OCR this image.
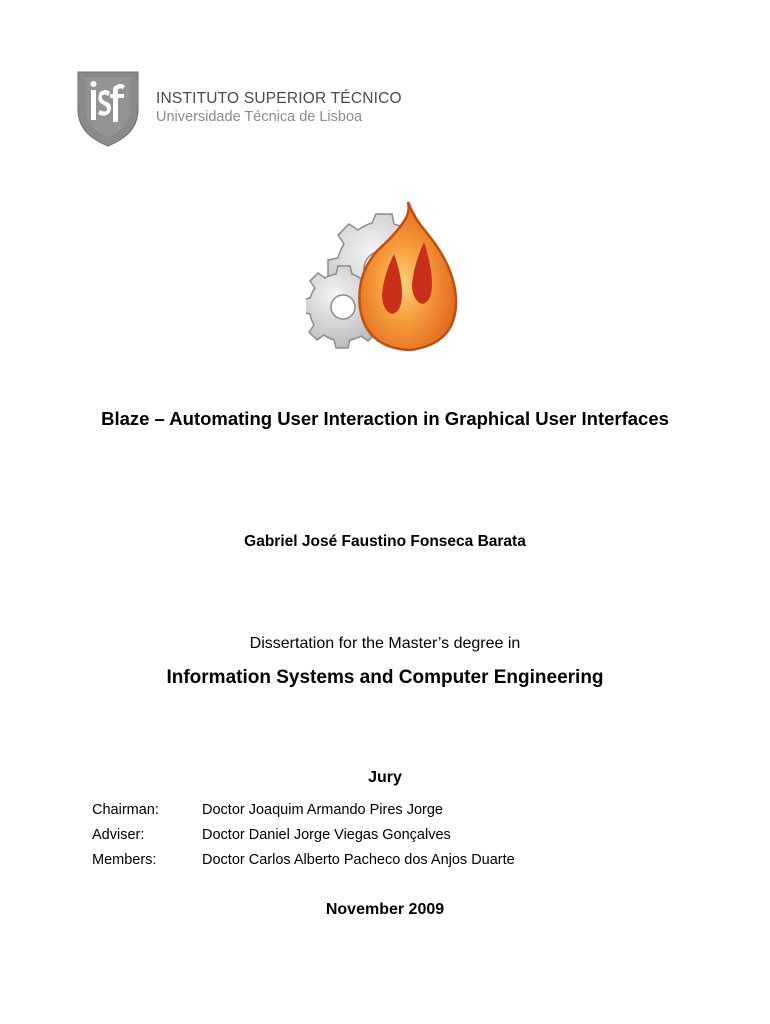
INSTITUTO SUPERIOR TÉCNICO
Universidade Técnica de Lisboa
Blaze – Automating User Interaction in Graphical User Interfaces
Gabriel José Faustino Fonseca Barata
Dissertation for the Master’s degree in
Information Systems and Computer Engineering
Jury
Chairman:	Doctor Joaquim Armando Pires Jorge
Adviser:	Doctor Daniel Jorge Viegas Gonçalves
Members:	Doctor Carlos Alberto Pacheco dos Anjos Duarte
November 2009
